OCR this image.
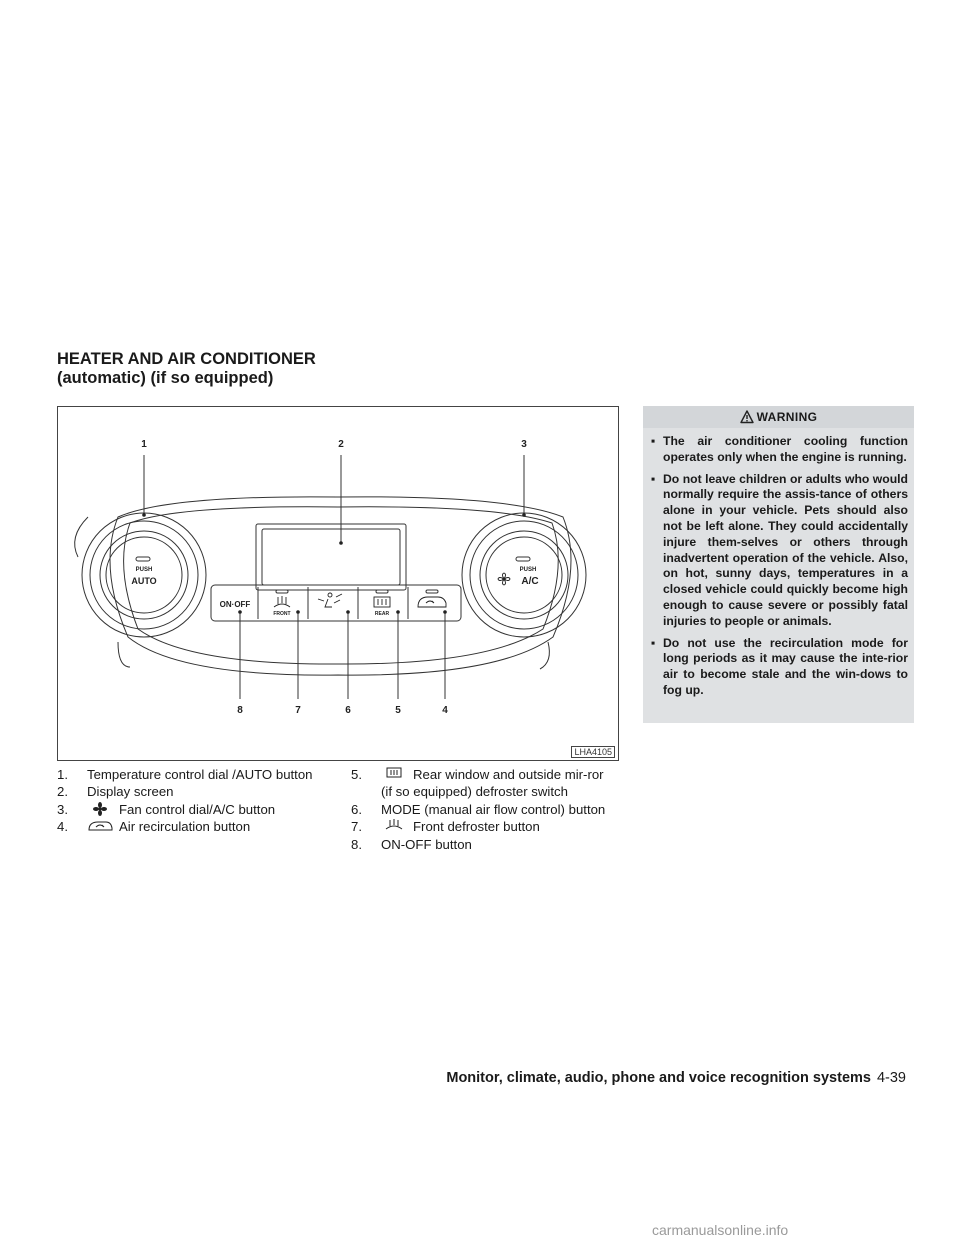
HEATER AND AIR CONDITIONER
(automatic) (if so equipped)
1	2	3
4
5
6
7
8
PUSH
AUTO
PUSH
A/C
ON·OFF
FRONT	REAR
LHA4105
1. Temperature control dial /AUTO button
2. Display screen
3.	Fan control dial/A/C button
4.	Air recirculation button
5.	Rear window and outside mir-ror (if so equipped) defroster switch
6. MODE (manual air flow control) button
7.	Front defroster button
8. ON-OFF button
WARNING
▪ The air conditioner cooling function operates only when the engine is running.
▪ Do not leave children or adults who would normally require the assis-tance of others alone in your vehicle. Pets should also not be left alone. They could accidentally injure them-selves or others through inadvertent operation of the vehicle. Also, on hot, sunny days, temperatures in a closed vehicle could quickly become high enough to cause severe or possibly fatal injuries to people or animals.
▪ Do not use the recirculation mode for long periods as it may cause the inte-rior air to become stale and the win-dows to fog up.
Monitor, climate, audio, phone and voice recognition systems 4-39
carmanualsonline.info
